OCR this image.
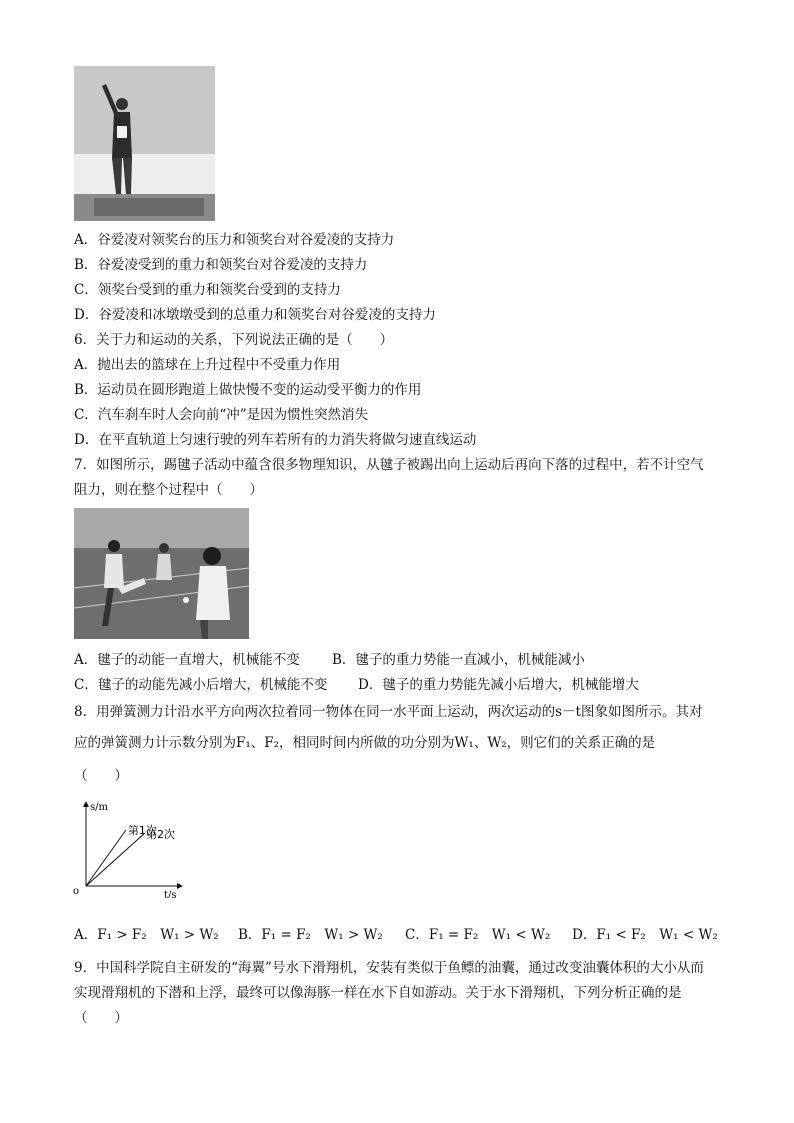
A．谷爱凌对领奖台的压力和领奖台对谷爱凌的支持力
B．谷爱凌受到的重力和领奖台对谷爱凌的支持力
C．领奖台受到的重力和领奖台受到的支持力
D．谷爱凌和冰墩墩受到的总重力和领奖台对谷爱凌的支持力
6．关于力和运动的关系，下列说法正确的是（　　）
A．抛出去的篮球在上升过程中不受重力作用
B．运动员在圆形跑道上做快慢不变的运动受平衡力的作用
C．汽车刹车时人会向前“冲”是因为惯性突然消失
D．在平直轨道上匀速行驶的列车若所有的力消失将做匀速直线运动
7．如图所示，踢毽子活动中蕴含很多物理知识，从毽子被踢出向上运动后再向下落的过程中，若不计空气
阻力，则在整个过程中（　　）
A．毽子的动能一直增大，机械能不变 B．毽子的重力势能一直减小，机械能减小
C．毽子的动能先减小后增大，机械能不变 D．毽子的重力势能先减小后增大，机械能增大
8．用弹簧测力计沿水平方向两次拉着同一物体在同一水平面上运动，两次运动的s－t图象如图所示。其对
应的弹簧测力计示数分别为F₁、F₂，相同时间内所做的功分别为W₁、W₂，则它们的关系正确的是
（　　）
s/m
t/s
o
第1次
第2次
A．F₁ > F₂　W₁ > W₂ B．F₁ = F₂　W₁ > W₂ C．F₁ = F₂　W₁ < W₂ D．F₁ < F₂　W₁ < W₂
9．中国科学院自主研发的“海翼”号水下滑翔机，安装有类似于鱼鳔的油囊，通过改变油囊体积的大小从而
实现滑翔机的下潜和上浮，最终可以像海豚一样在水下自如游动。关于水下滑翔机，下列分析正确的是
（　　）
